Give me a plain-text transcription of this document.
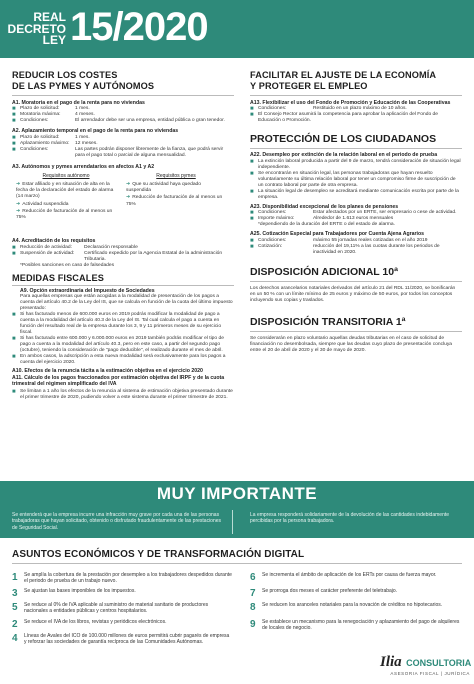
REAL
DECRETO
LEY 15/2020
REDUCIR LOS COSTES
DE LAS PYMES Y AUTÓNOMOS
A1. Moratoria en el pago de la renta para no viviendas
■ Plazo de solicitud:	1 mes.
■ Moratoria máxima:	4 meses.
■ Condiciones:	El arrendador debe ser una empresa, entidad pública o gran tenedor.
A2. Aplazamiento temporal en el pago de la renta para no viviendas
■ Plazo de solicitud:	1 mes.
■ Aplazamiento máximo:	12 meses.
■ Condiciones:	Las partes podrán disponer libremente de la fianza, que podrá servir para el pago total o parcial de alguna mensualidad.
A3. Autónomos y pymes arrendatarios en afectos A1 y A2
Requisitos autónomo
➜ Estar afiliado y en situación de alta en la fecha de la declaración del estado de alarma (14 marzo)
➜ Actividad suspendida
➜ Reducción de facturación de al menos un 75%
Requisitos pymes
➜ Que su actividad haya quedado suspendida
➜ Reducción de facturación de al menos un 75%
A4. Acreditación de los requisitos
■ Reducción de actividad:	Declaración responsable
■ Suspensión de actividad:	Certificado expedido por la Agencia Estatal de la administración Tributaria.
*Posibles sanciones en caso de falsedades
MEDIDAS FISCALES
A9. Opción extraordinaria del Impuesto de Sociedades
Para aquellas empresas que están acogidas a la modalidad de presentación de los pagos a cuenta del artículo 40.2 de la Ley del IS, que se calcula en función de la cuota del último impuesto presentado:
■ Si has facturado menos de 600.000 euros en 2019 podrás modificar la modalidad de pago a cuenta a la modalidad del artículo 40.3 de la Ley del IS. Tal cual calcula el pago a cuenta en función del resultado real de la empresa durante los 3, 9 y 11 primeros meses de su ejercicio fiscal.
■ Si has facturado entre 600.000 y 6.000.000 euros en 2019 también podrás modificar el tipo de pago a cuenta a la modalidad del artículo 40.3, pero en este caso, a partir del segundo pago (octubre), teniendo la consideración de "pago deducible", el realizado durante el mes de abril.
■ En ambos casos, la adscripción a esta nueva modalidad será exclusivamente para los pagos a cuenta del ejercicio 2020.
A10. Efectos de la renuncia tácita a la estimación objetiva en el ejercicio 2020
A11. Cálculo de los pagos fraccionados por estimación objetiva del IRPF y de la cuota trimestral del régimen simplificado del IVA
■ Se limitan a 1 año los efectos de la renuncia al sistema de estimación objetiva presentado durante el primer trimestre de 2020, pudiendo volver a este sistema durante el primer trimestre de 2021.
FACILITAR EL AJUSTE DE LA ECONOMÍA
Y PROTEGER EL EMPLEO
A13. Flexibilizar el uso del Fondo de Promoción y Educación de las Cooperativas
■ Condiciones:	Restituido en un plazo máximo de 10 años.
■ El Consejo Rector asumirá la competencia para aprobar la aplicación del Fondo de Educación o Promoción.
PROTECCIÓN DE LOS CIUDADANOS
A22. Desempleo por extinción de la relación laboral en el periodo de prueba
■ La extinción laboral producida a partir del 9 de marzo, tendrá consideración de situación legal independiente.
■ Se encontrarán en situación legal, las personas trabajadoras que hayan resuelto voluntariamente su última relación laboral por tener un compromiso firme de suscripción de un contrato laboral por parte de otra empresa.
■ La situación legal de desempleo se acreditará mediante comunicación escrita por parte de la empresa.
A23. Disponibilidad excepcional de los planes de pensiones
■ Condiciones:	Estar afectados por un ERTE, ser empresario o cese de actividad.
■ Importe máximo:	Alrededor de 1.613 euros mensuales
*dependiendo de la duración del ERTE o del estado de alarma.
A25. Cotización Especial para Trabajadores por Cuenta Ajena Agrarios
■ Condiciones:	máximo 55 jornadas reales cotizadas en el año 2019
■ Cotización:	reducción del 19,11% a las cuotas durante los periodos de inactividad en 2020.
DISPOSICIÓN ADICIONAL 10ª
Los derechos arancelarios notariales derivados del artículo 21 del RDL 11/2020, se bonificarán en un 50 % con un límite mínimo de 25 euros y máximo de 50 euros, por todos los conceptos incluyendo sus copias y traslados.
DISPOSICIÓN TRANSITORIA 1ª
Se considerarán en plazo voluntario aquellas deudas tributarias en el caso de solicitud de financiación no desembolsada, siempre que las deudas cuyo plazo de presentación concluya entre el 20 de abril de 2020 y el 30 de mayo de 2020.
MUY IMPORTANTE
Se entenderá que la empresa incurre una infracción muy grave por cada una de las personas trabajadoras que hayan solicitado, obtenido o disfrutado fraudulentamente de las prestaciones de Seguridad Social.
La empresa responderá solidariamente de la devolución de las cantidades indebidamente percibidas por la persona trabajadora.
ASUNTOS ECONÓMICOS Y DE TRANSFORMACIÓN DIGITAL
1	Se amplía la cobertura de la prestación por desempleo a los trabajadores despedidos durante el periodo de prueba de un trabajo nuevo.
3	Se ajustan las bases imponibles de los impuestos.
5	Se reduce al 0% de IVA aplicable al suministro de material sanitario de productores nacionales a entidades públicas y centros hospitalarios.
2	Se reduce el IVA de los libros, revistas y periódicos electrónicos.
4	Líneas de Avales del ICO de 100.000 millones de euros permitirá cubrir pagarés de empresa y reforzar las sociedades de garantía recíproca de las Comunidades Autónomas.
6	Se incrementa el ámbito de aplicación de los ERTs por causa de fuerza mayor.
7	Se prorroga dos meses el carácter preferente del teletrabajo.
8	Se reducen los aranceles notariales para la novación de créditos no hipotecarios.
9	Se establece un mecanismo para la renegociación y aplazamiento del pago de alquileres de locales de negocio.
Ilia CONSULTORIA
ASESORIA FISCAL | JURÍDICA
